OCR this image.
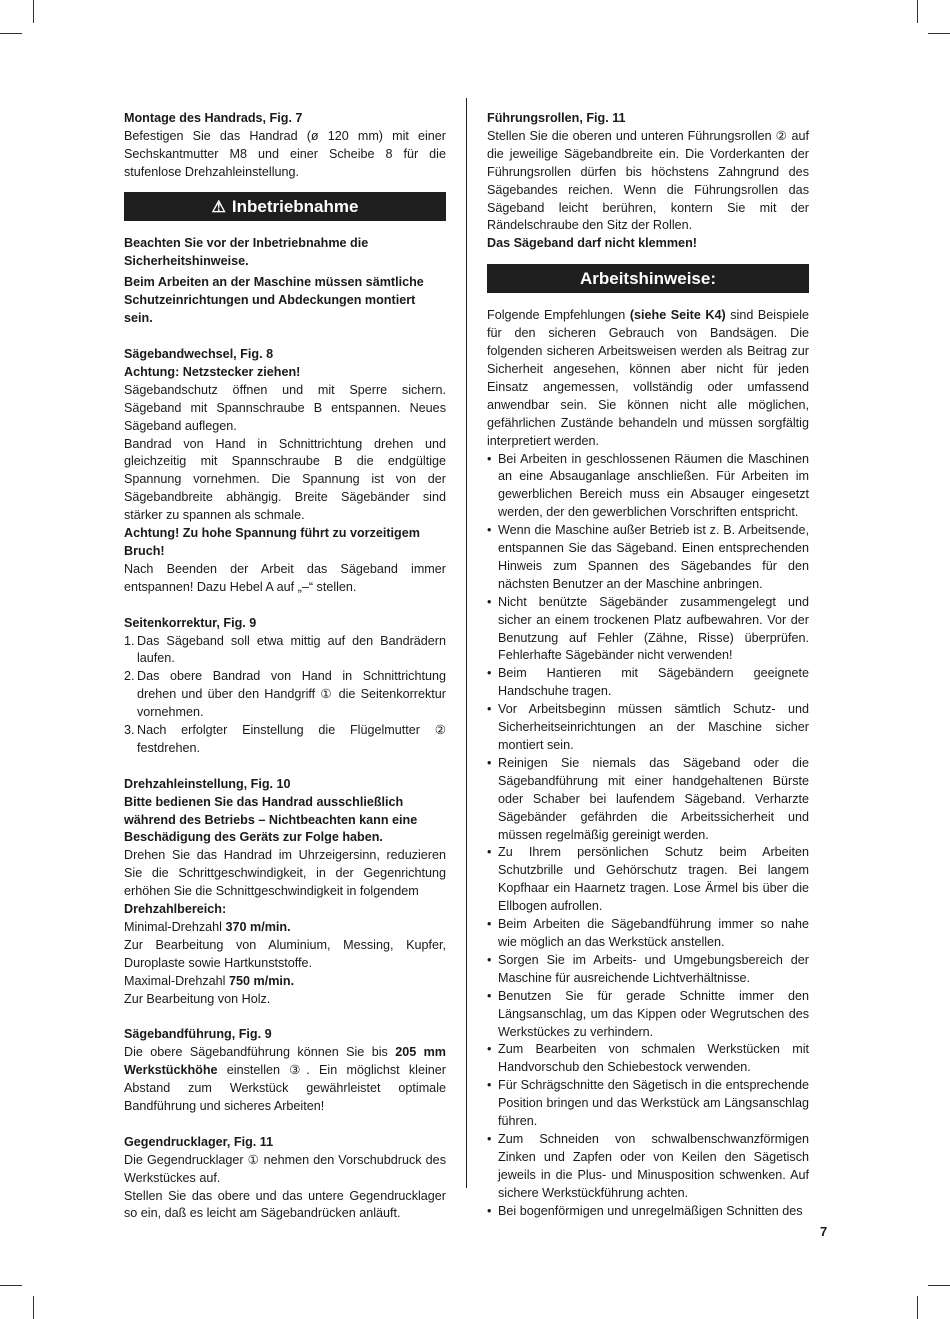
Montage des Handrads, Fig. 7

Befestigen Sie das Handrad (ø 120 mm) mit einer Sechskantmutter M8 und einer Scheibe 8 für die stufenlose Drehzahleinstellung.

⚠ Inbetriebnahme

Beachten Sie vor der Inbetriebnahme die Sicherheitshinweise.

Beim Arbeiten an der Maschine müssen sämtliche Schutzeinrichtungen und Abdeckungen montiert sein.

Sägebandwechsel, Fig. 8

Achtung: Netzstecker ziehen!

Sägebandschutz öffnen und mit Sperre sichern. Sägeband mit Spannschraube B entspannen. Neues Sägeband auflegen.

Bandrad von Hand in Schnittrichtung drehen und gleichzeitig mit Spannschraube B die endgültige Spannung vornehmen. Die Spannung ist von der Sägebandbreite abhängig. Breite Sägebänder sind stärker zu spannen als schmale.

Achtung! Zu hohe Spannung führt zu vorzeitigem Bruch!

Nach Beenden der Arbeit das Sägeband immer entspannen! Dazu Hebel A auf „–“ stellen.

Seitenkorrektur, Fig. 9

1. Das Sägeband soll etwa mittig auf den Bandrädern laufen.
2. Das obere Bandrad von Hand in Schnittrichtung drehen und über den Handgriff ① die Seitenkorrektur vornehmen.
3. Nach erfolgter Einstellung die Flügelmutter ② festdrehen.

Drehzahleinstellung, Fig. 10

Bitte bedienen Sie das Handrad ausschließlich während des Betriebs – Nichtbeachten kann eine Beschädigung des Geräts zur Folge haben.

Drehen Sie das Handrad im Uhrzeigersinn, reduzieren Sie die Schrittgeschwindigkeit, in der Gegenrichtung erhöhen Sie die Schnittgeschwindigkeit in folgendem

Drehzahlbereich:

Minimal-Drehzahl 370 m/min.

Zur Bearbeitung von Aluminium, Messing, Kupfer, Duroplaste sowie Hartkunststoffe.

Maximal-Drehzahl 750 m/min.

Zur Bearbeitung von Holz.

Sägebandführung, Fig. 9

Die obere Sägebandführung können Sie bis 205 mm Werkstückhöhe einstellen ③. Ein möglichst kleiner Abstand zum Werkstück gewährleistet optimale Bandführung und sicheres Arbeiten!

Gegendrucklager, Fig. 11

Die Gegendrucklager ① nehmen den Vorschubdruck des Werkstückes auf.

Stellen Sie das obere und das untere Gegendrucklager so ein, daß es leicht am Sägebandrücken anläuft.

Führungsrollen, Fig. 11

Stellen Sie die oberen und unteren Führungsrollen ② auf die jeweilige Sägebandbreite ein. Die Vorderkanten der Führungsrollen dürfen bis höchstens Zahngrund des Sägebandes reichen. Wenn die Führungsrollen das Sägeband leicht berühren, kontern Sie mit der Rändelschraube den Sitz der Rollen.

Das Sägeband darf nicht klemmen!

Arbeitshinweise:

Folgende Empfehlungen (siehe Seite K4) sind Beispiele für den sicheren Gebrauch von Bandsägen. Die folgenden sicheren Arbeitsweisen werden als Beitrag zur Sicherheit angesehen, können aber nicht für jeden Einsatz angemessen, vollständig oder umfassend anwendbar sein. Sie können nicht alle möglichen, gefährlichen Zustände behandeln und müssen sorgfältig interpretiert werden.

• Bei Arbeiten in geschlossenen Räumen die Maschinen an eine Absauganlage anschließen. Für Arbeiten im gewerblichen Bereich muss ein Absauger eingesetzt werden, der den gewerblichen Vorschriften entspricht.
• Wenn die Maschine außer Betrieb ist z. B. Arbeitsende, entspannen Sie das Sägeband. Einen entsprechenden Hinweis zum Spannen des Sägebandes für den nächsten Benutzer an der Maschine anbringen.
• Nicht benützte Sägebänder zusammengelegt und sicher an einem trockenen Platz aufbewahren. Vor der Benutzung auf Fehler (Zähne, Risse) überprüfen. Fehlerhafte Sägebänder nicht verwenden!
• Beim Hantieren mit Sägebändern geeignete Handschuhe tragen.
• Vor Arbeitsbeginn müssen sämtlich Schutz- und Sicherheitseinrichtungen an der Maschine sicher montiert sein.
• Reinigen Sie niemals das Sägeband oder die Sägebandführung mit einer handgehaltenen Bürste oder Schaber bei laufendem Sägeband. Verharzte Sägebänder gefährden die Arbeitssicherheit und müssen regelmäßig gereinigt werden.
• Zu Ihrem persönlichen Schutz beim Arbeiten Schutzbrille und Gehörschutz tragen. Bei langem Kopfhaar ein Haarnetz tragen. Lose Ärmel bis über die Ellbogen aufrollen.
• Beim Arbeiten die Sägebandführung immer so nahe wie möglich an das Werkstück anstellen.
• Sorgen Sie im Arbeits- und Umgebungsbereich der Maschine für ausreichende Lichtverhältnisse.
• Benutzen Sie für gerade Schnitte immer den Längsanschlag, um das Kippen oder Wegrutschen des Werkstückes zu verhindern.
• Zum Bearbeiten von schmalen Werkstücken mit Handvorschub den Schiebestock verwenden.
• Für Schrägschnitte den Sägetisch in die entsprechende Position bringen und das Werkstück am Längsanschlag führen.
• Zum Schneiden von schwalbenschwanzförmigen Zinken und Zapfen oder von Keilen den Sägetisch jeweils in die Plus- und Minusposition schwenken. Auf sichere Werkstückführung achten.
• Bei bogenförmigen und unregelmäßigen Schnitten des
7
